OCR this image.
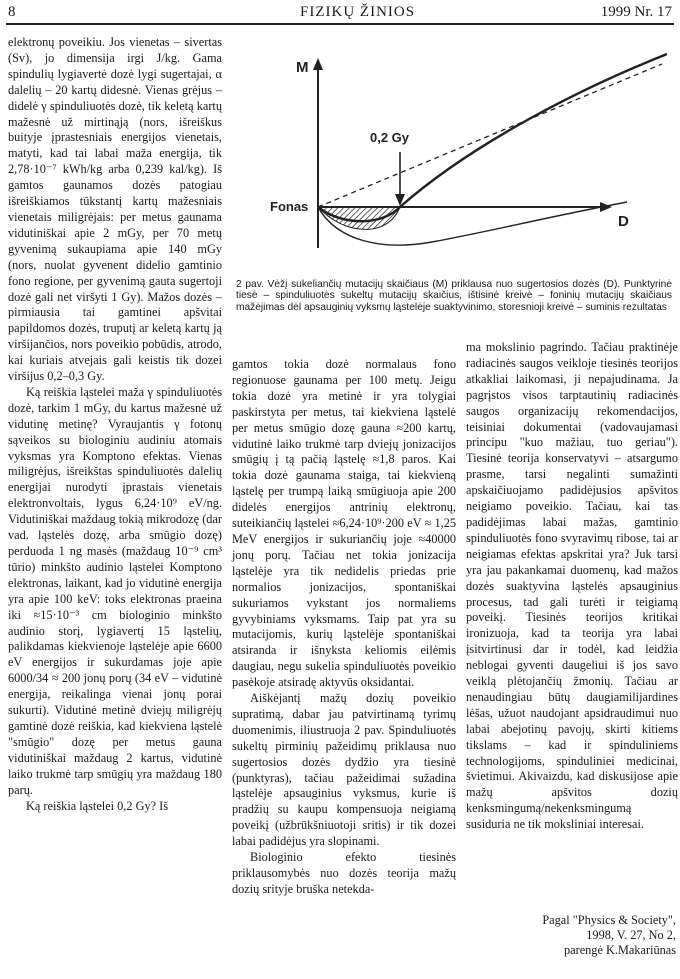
8	FIZIKŲ ŽINIOS	1999 Nr. 17

elektronų poveikiu. Jos vienetas – sivertas (Sv), jo dimensija irgi J/kg. Gama spindulių lygiavertė dozė lygi sugertajai, α dalelių – 20 kartų didesnė. Vienas grėjus – didelė γ spinduliuotės dozė, tik keletą kartų mažesnė už mirtinąją (nors, išreiškus buityje įprastesniais energijos vienetais, matyti, kad tai labai maža energija, tik 2,78·10⁻⁷ kWh/kg arba 0,239 kal/kg). Iš gamtos gaunamos dozės patogiau išreiškiamos tūkstantį kartų mažesniais vienetais miligrėjais: per metus gaunama vidutiniškai apie 2 mGy, per 70 metų gyvenimą sukaupiama apie 140 mGy (nors, nuolat gyvenent didelio gamtinio fono regione, per gyvenimą gauta sugertoji dozė gali net viršyti 1 Gy). Mažos dozės – pirmiausia tai gamtinei apšvitai papildomos dozės, truputį ar keletą kartų ją viršijančios, nors poveikio pobūdis, atrodo, kai kuriais atvejais gali keistis tik dozei viršijus 0,2–0,3 Gy.

Ką reiškia ląstelei maža γ spinduliuotės dozė, tarkim 1 mGy, du kartus mažesnė už vidutinę metinę? Vyraujantis γ fotonų sąveikos su biologiniu audiniu atomais vyksmas yra Komptono efektas. Vienas miligrėjus, išreikštas spinduliuotės dalelių energijai nurodyti įprastais vienetais elektronvoltais, lygus 6,24·10⁹ eV/ng. Vidutiniškai maždaug tokią mikrodozę (dar vad. ląstelės dozę, arba smūgio dozę) perduoda 1 ng masės (maždaug 10⁻⁹ cm³ tūrio) minkšto audinio ląstelei Komptono elektronas, laikant, kad jo vidutinė energija yra apie 100 keV: toks elektronas praeina iki ≈15·10⁻³ cm biologinio minkšto audinio storį, lygiavertį 15 ląstelių, palikdamas kiekvienoje ląstelėje apie 6600 eV energijos ir sukurdamas joje apie 6000/34 ≈ 200 jonų porų (34 eV – vidutinė energija, reikalinga vienai jonų porai sukurti). Vidutinė metinė dviejų miligrėjų gamtinė dozė reiškia, kad kiekviena ląstelė "smūgio" dozę per metus gauna vidutiniškai maždaug 2 kartus, vidutinė laiko trukmė tarp smūgių yra maždaug 180 parų.

Ką reiškia ląstelei 0,2 Gy? Iš

M
D
0,2 Gy
Fonas
2 pav. Vėžį sukeliančių mutacijų skaičiaus (M) priklausa nuo sugertosios dozės (D). Punktyrinė tiesė – spinduliuotės sukeltų mutacijų skaičius, ištisinė kreivė – foninių mutacijų skaičiaus mažėjimas dėl apsauginių vyksmų ląstelėje suaktyvinimo, storesnioji kreivė – suminis rezultatas

gamtos tokia dozė normalaus fono regionuose gaunama per 100 metų. Jeigu tokia dozė yra metinė ir yra tolygiai paskirstyta per metus, tai kiekviena ląstelė per metus smūgio dozę gauna ≈200 kartų, vidutinė laiko trukmė tarp dviejų jonizacijos smūgių į tą pačią ląstelę ≈1,8 paros. Kai tokia dozė gaunama staiga, tai kiekvieną ląstelę per trumpą laiką smūgiuoja apie 200 didelės energijos antrinių elektronų, suteikiančių ląstelei ≈6,24·10⁹·200 eV ≈ 1,25 MeV energijos ir sukuriančių joje ≈40000 jonų porų. Tačiau net tokia jonizacija ląstelėje yra tik nedidelis priedas prie normalios jonizacijos, spontaniškai sukuriamos vykstant jos normaliems gyvybiniams vyksmams. Taip pat yra su mutacijomis, kurių ląstelėje spontaniškai atsiranda ir išnyksta keliomis eilėmis daugiau, negu sukelia spinduliuotės poveikio pasėkoje atsiradę aktyvūs oksidantai.

Aiškėjantį mažų dozių poveikio supratimą, dabar jau patvirtinamą tyrimų duomenimis, iliustruoja 2 pav. Spinduliuotės sukeltų pirminių pažeidimų priklausa nuo sugertosios dozės dydžio yra tiesinė (punktyras), tačiau pažeidimai sužadina ląstelėje apsauginius vyksmus, kurie iš pradžių su kaupu kompensuoja neigiamą poveikį (užbrūkšniuotoji sritis) ir tik dozei labai padidėjus yra slopinami.

Biologinio efekto tiesinės priklausomybės nuo dozės teorija mažų dozių srityje bruška netekda-

ma mokslinio pagrindo. Tačiau praktinėje radiacinės saugos veikloje tiesinės teorijos atkakliai laikomasi, ji nepajudinama. Ja pagrįstos visos tarptautinių radiacinės saugos organizacijų rekomendacijos, teisiniai dokumentai (vadovaujamasi principu "kuo mažiau, tuo geriau"). Tiesinė teorija konservatyvi – atsargumo prasme, tarsi negalinti sumažinti apskaičiuojamo padidėjusios apšvitos neigiamo poveikio. Tačiau, kai tas padidėjimas labai mažas, gamtinio spinduliuotės fono svyravimų ribose, tai ar neigiamas efektas apskritai yra? Juk tarsi yra jau pakankamai duomenų, kad mažos dozės suaktyvina ląstelės apsauginius procesus, tad gali turėti ir teigiamą poveikį. Tiesinės teorijos kritikai ironizuoja, kad ta teorija yra labai įsitvirtinusi dar ir todėl, kad leidžia neblogai gyventi daugeliui iš jos savo veiklą plėtojančių žmonių. Tačiau ar nenaudingiau būtų daugiamilijardines lėšas, užuot naudojant apsidraudimui nuo labai abejotinų pavojų, skirti kitiems tikslams – kad ir spinduliniems technologijoms, spinduliniei medicinai, švietimui. Akivaizdu, kad diskusijose apie mažų apšvitos dozių kenksmingumą/nekenksmingumą susiduria ne tik moksliniai interesai.

Pagal "Physics & Society",
1998, V. 27, No 2,
parengė K.Makariūnas
